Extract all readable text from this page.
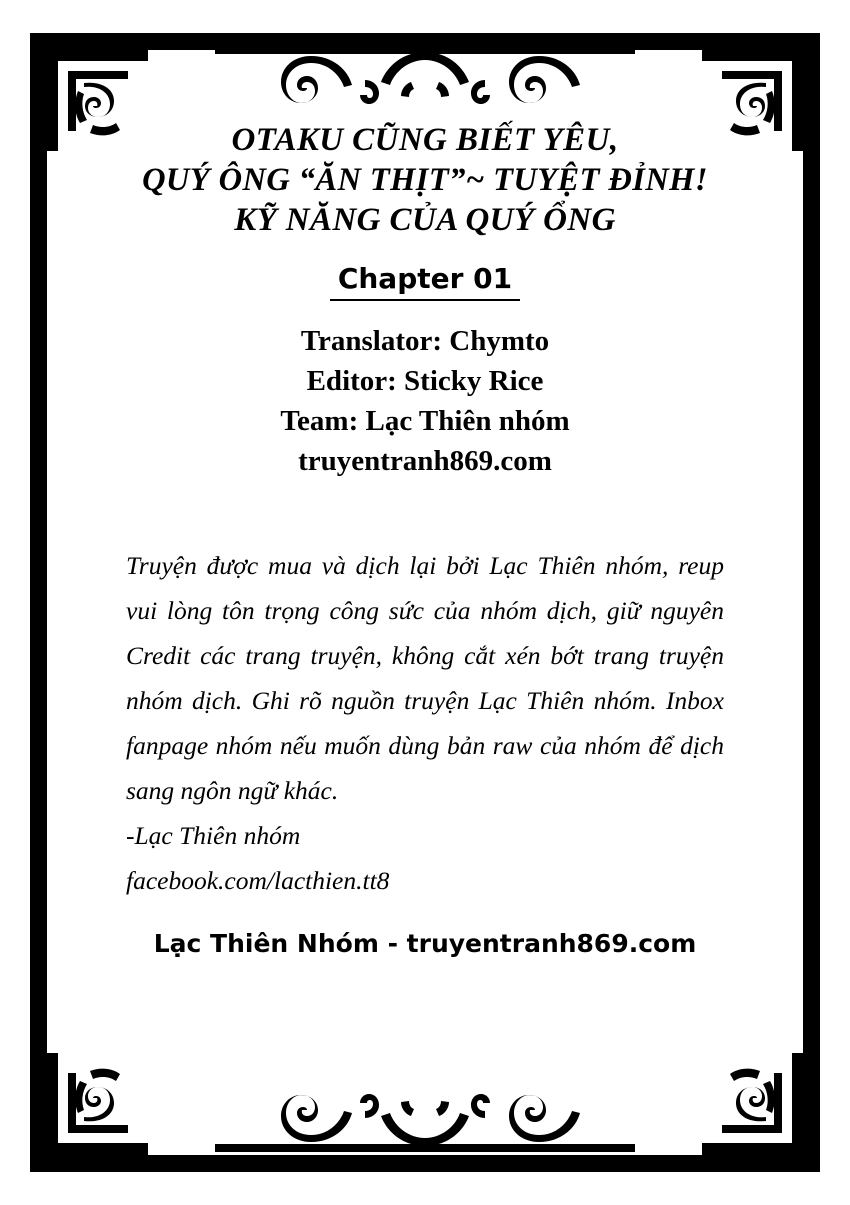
OTAKU CŨNG BIẾT YÊU,
QUÝ ÔNG “ĂN THỊT”~ TUYỆT ĐỈNH!
KỸ NĂNG CỦA QUÝ ỔNG
Chapter 01
Translator: Chymto
Editor: Sticky Rice
Team: Lạc Thiên nhóm
truyentranh869.com

Truyện được mua và dịch lại bởi Lạc Thiên nhóm, reup vui lòng tôn trọng công sức của nhóm dịch, giữ nguyên Credit các trang truyện, không cắt xén bớt trang truyện nhóm dịch. Ghi rõ nguồn truyện Lạc Thiên nhóm. Inbox fanpage nhóm nếu muốn dùng bản raw của nhóm để dịch sang ngôn ngữ khác.

-Lạc Thiên nhóm

facebook.com/lacthien.tt8

Lạc Thiên Nhóm - truyentranh869.com
